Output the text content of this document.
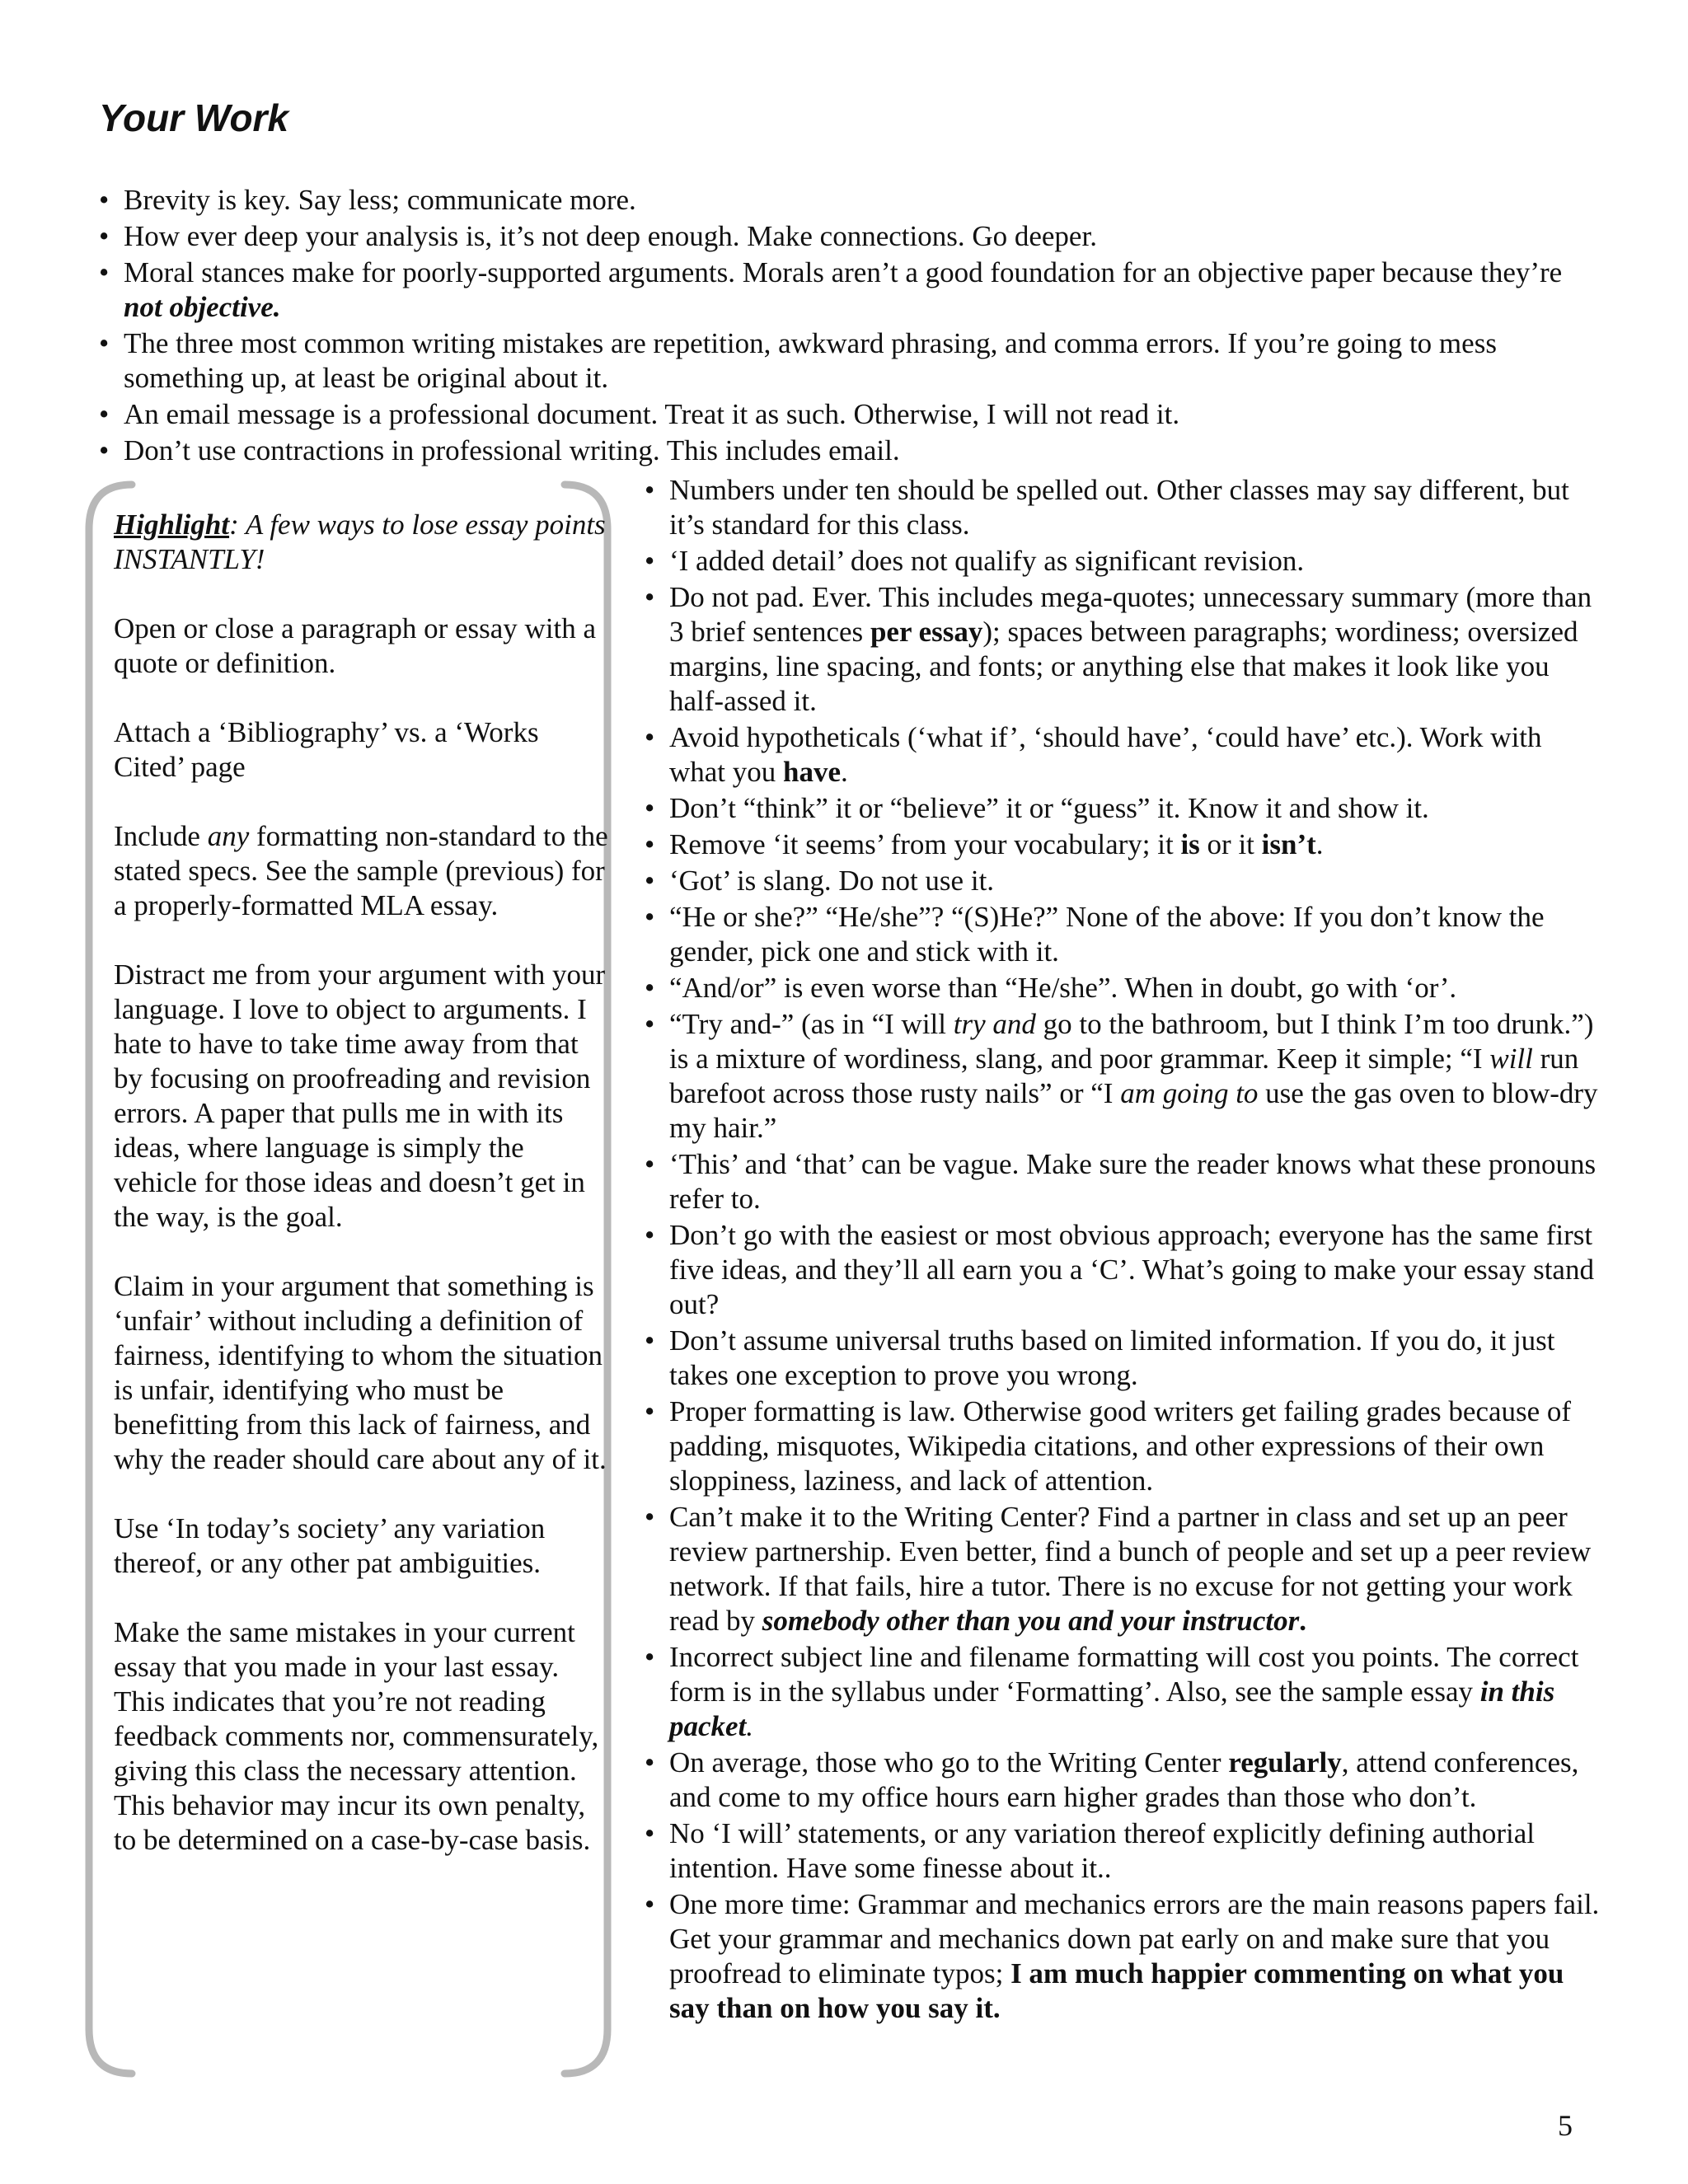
Your Work
• Brevity is key. Say less; communicate more.
• How ever deep your analysis is, it’s not deep enough. Make connections. Go deeper.
• Moral stances make for poorly-supported arguments. Morals aren’t a good foundation for an objective paper because they’re not objective.
• The three most common writing mistakes are repetition, awkward phrasing, and comma errors. If you’re going to mess something up, at least be original about it.
• An email message is a professional document. Treat it as such. Otherwise, I will not read it.
• Don’t use contractions in professional writing. This includes email.

Highlight: A few ways to lose essay points INSTANTLY!

Open or close a paragraph or essay with a quote or definition.

Attach a ‘Bibliography’ vs. a ‘Works Cited’ page

Include any formatting non-standard to the stated specs. See the sample (previous) for a properly-formatted MLA essay.

Distract me from your argument with your language. I love to object to arguments. I hate to have to take time away from that by focusing on proofreading and revision errors. A paper that pulls me in with its ideas, where language is simply the vehicle for those ideas and doesn’t get in the way, is the goal.

Claim in your argument that something is ‘unfair’ without including a definition of fairness, identifying to whom the situation is unfair, identifying who must be benefitting from this lack of fairness, and why the reader should care about any of it.

Use ‘In today’s society’ any variation thereof, or any other pat ambiguities.

Make the same mistakes in your current essay that you made in your last essay. This indicates that you’re not reading feedback comments nor, commensurately, giving this class the necessary attention. This behavior may incur its own penalty, to be determined on a case-by-case basis.

• Numbers under ten should be spelled out. Other classes may say different, but it’s standard for this class.
• ‘I added detail’ does not qualify as significant revision.
• Do not pad. Ever. This includes mega-quotes; unnecessary summary (more than 3 brief sentences per essay); spaces between paragraphs; wordiness; oversized margins, line spacing, and fonts; or anything else that makes it look like you half-assed it.
• Avoid hypotheticals (‘what if’, ‘should have’, ‘could have’ etc.). Work with what you have.
• Don’t “think” it or “believe” it or “guess” it. Know it and show it.
• Remove ‘it seems’ from your vocabulary; it is or it isn’t.
• ‘Got’ is slang. Do not use it.
• “He or she?” “He/she”? “(S)He?” None of the above: If you don’t know the gender, pick one and stick with it.
• “And/or” is even worse than “He/she”. When in doubt, go with ‘or’.
• “Try and-” (as in “I will try and go to the bathroom, but I think I’m too drunk.”) is a mixture of wordiness, slang, and poor grammar. Keep it simple; “I will run barefoot across those rusty nails” or “I am going to use the gas oven to blow-dry my hair.”
• ‘This’ and ‘that’ can be vague. Make sure the reader knows what these pronouns refer to.
• Don’t go with the easiest or most obvious approach; everyone has the same first five ideas, and they’ll all earn you a ‘C’. What’s going to make your essay stand out?
• Don’t assume universal truths based on limited information. If you do, it just takes one exception to prove you wrong.
• Proper formatting is law. Otherwise good writers get failing grades because of padding, misquotes, Wikipedia citations, and other expressions of their own sloppiness, laziness, and lack of attention.
• Can’t make it to the Writing Center? Find a partner in class and set up an peer review partnership. Even better, find a bunch of people and set up a peer review network. If that fails, hire a tutor. There is no excuse for not getting your work read by somebody other than you and your instructor.
• Incorrect subject line and filename formatting will cost you points. The correct form is in the syllabus under ‘Formatting’. Also, see the sample essay in this packet.
• On average, those who go to the Writing Center regularly, attend conferences, and come to my office hours earn higher grades than those who don’t.
• No ‘I will’ statements, or any variation thereof explicitly defining authorial intention. Have some finesse about it..
• One more time: Grammar and mechanics errors are the main reasons papers fail. Get your grammar and mechanics down pat early on and make sure that you proofread to eliminate typos; I am much happier commenting on what you say than on how you say it.
5
